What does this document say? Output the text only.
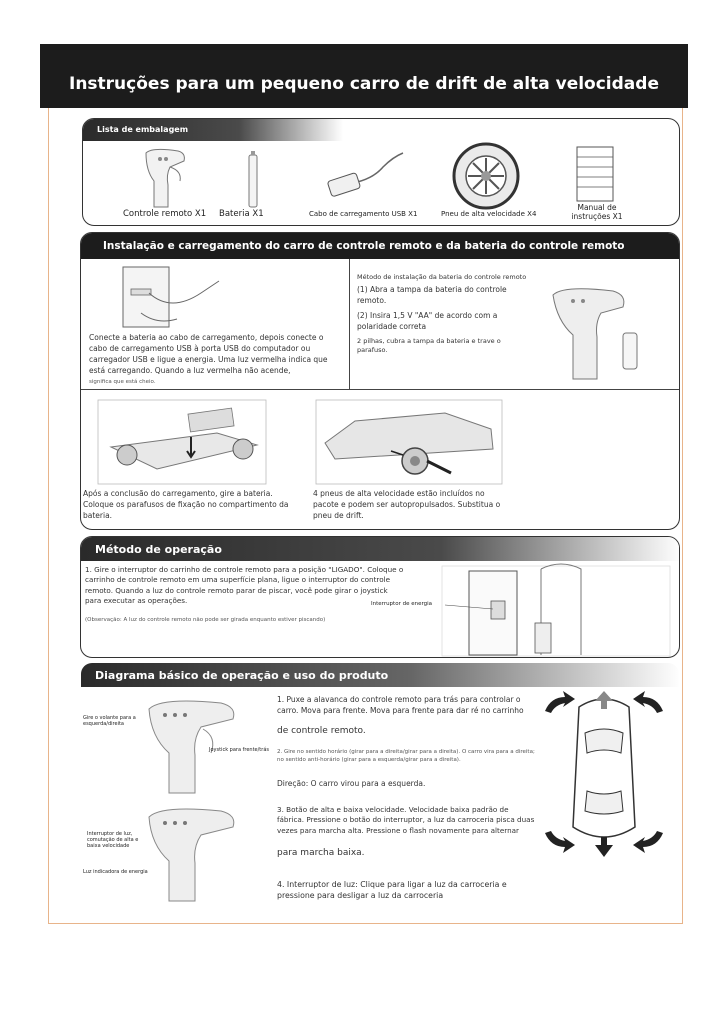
Instruções para um pequeno carro de drift de alta velocidade
Lista de embalagem
Controle remoto X1 Bateria X1	Cabo de carregamento USB X1	Pneu de alta velocidade X4
Manual de instruções X1
Instalação e carregamento do carro de controle remoto e da bateria do controle remoto
Conecte a bateria ao cabo de carregamento, depois conecte o cabo de carregamento USB à porta USB do computador ou carregador USB e ligue a energia. Uma luz vermelha indica que está carregando. Quando a luz vermelha não acende,
significa que está cheio.
Método de instalação da bateria do controle remoto
(1) Abra a tampa da bateria do controle remoto.
(2) Insira 1,5 V "AA" de acordo com a polaridade correta
2 pilhas, cubra a tampa da bateria e trave o parafuso.
Após a conclusão do carregamento, gire a bateria. Coloque os parafusos de fixação no compartimento da bateria.
4 pneus de alta velocidade estão incluídos no pacote e podem ser autopropulsados. Substitua o pneu de drift.
Método de operação
1. Gire o interruptor do carrinho de controle remoto para a posição "LIGADO". Coloque o carrinho de controle remoto em uma superfície plana, ligue o interruptor do controle remoto. Quando a luz do controle remoto parar de piscar, você pode girar o joystick para executar as operações.
(Observação: A luz do controle remoto não pode ser girada enquanto estiver piscando)
Interruptor de energia
Diagrama básico de operação e uso do produto
Gire o volante para a esquerda/direita
Joystick para frente/trás
Interruptor de luz, comutação de alta e baixa velocidade
Luz indicadora de energia
1. Puxe a alavanca do controle remoto para trás para controlar o carro. Mova para frente. Mova para frente para dar ré no carrinho
de controle remoto.
2. Gire no sentido horário (girar para a direita/girar para a direita). O carro vira para a direita; no sentido anti-horário (girar para a esquerda/girar para a direita).
Direção: O carro virou para a esquerda.
3. Botão de alta e baixa velocidade. Velocidade baixa padrão de fábrica. Pressione o botão do interruptor, a luz da carroceria pisca duas vezes para marcha alta. Pressione o flash novamente para alternar
para marcha baixa.
4. Interruptor de luz: Clique para ligar a luz da carroceria e pressione para desligar a luz da carroceria
